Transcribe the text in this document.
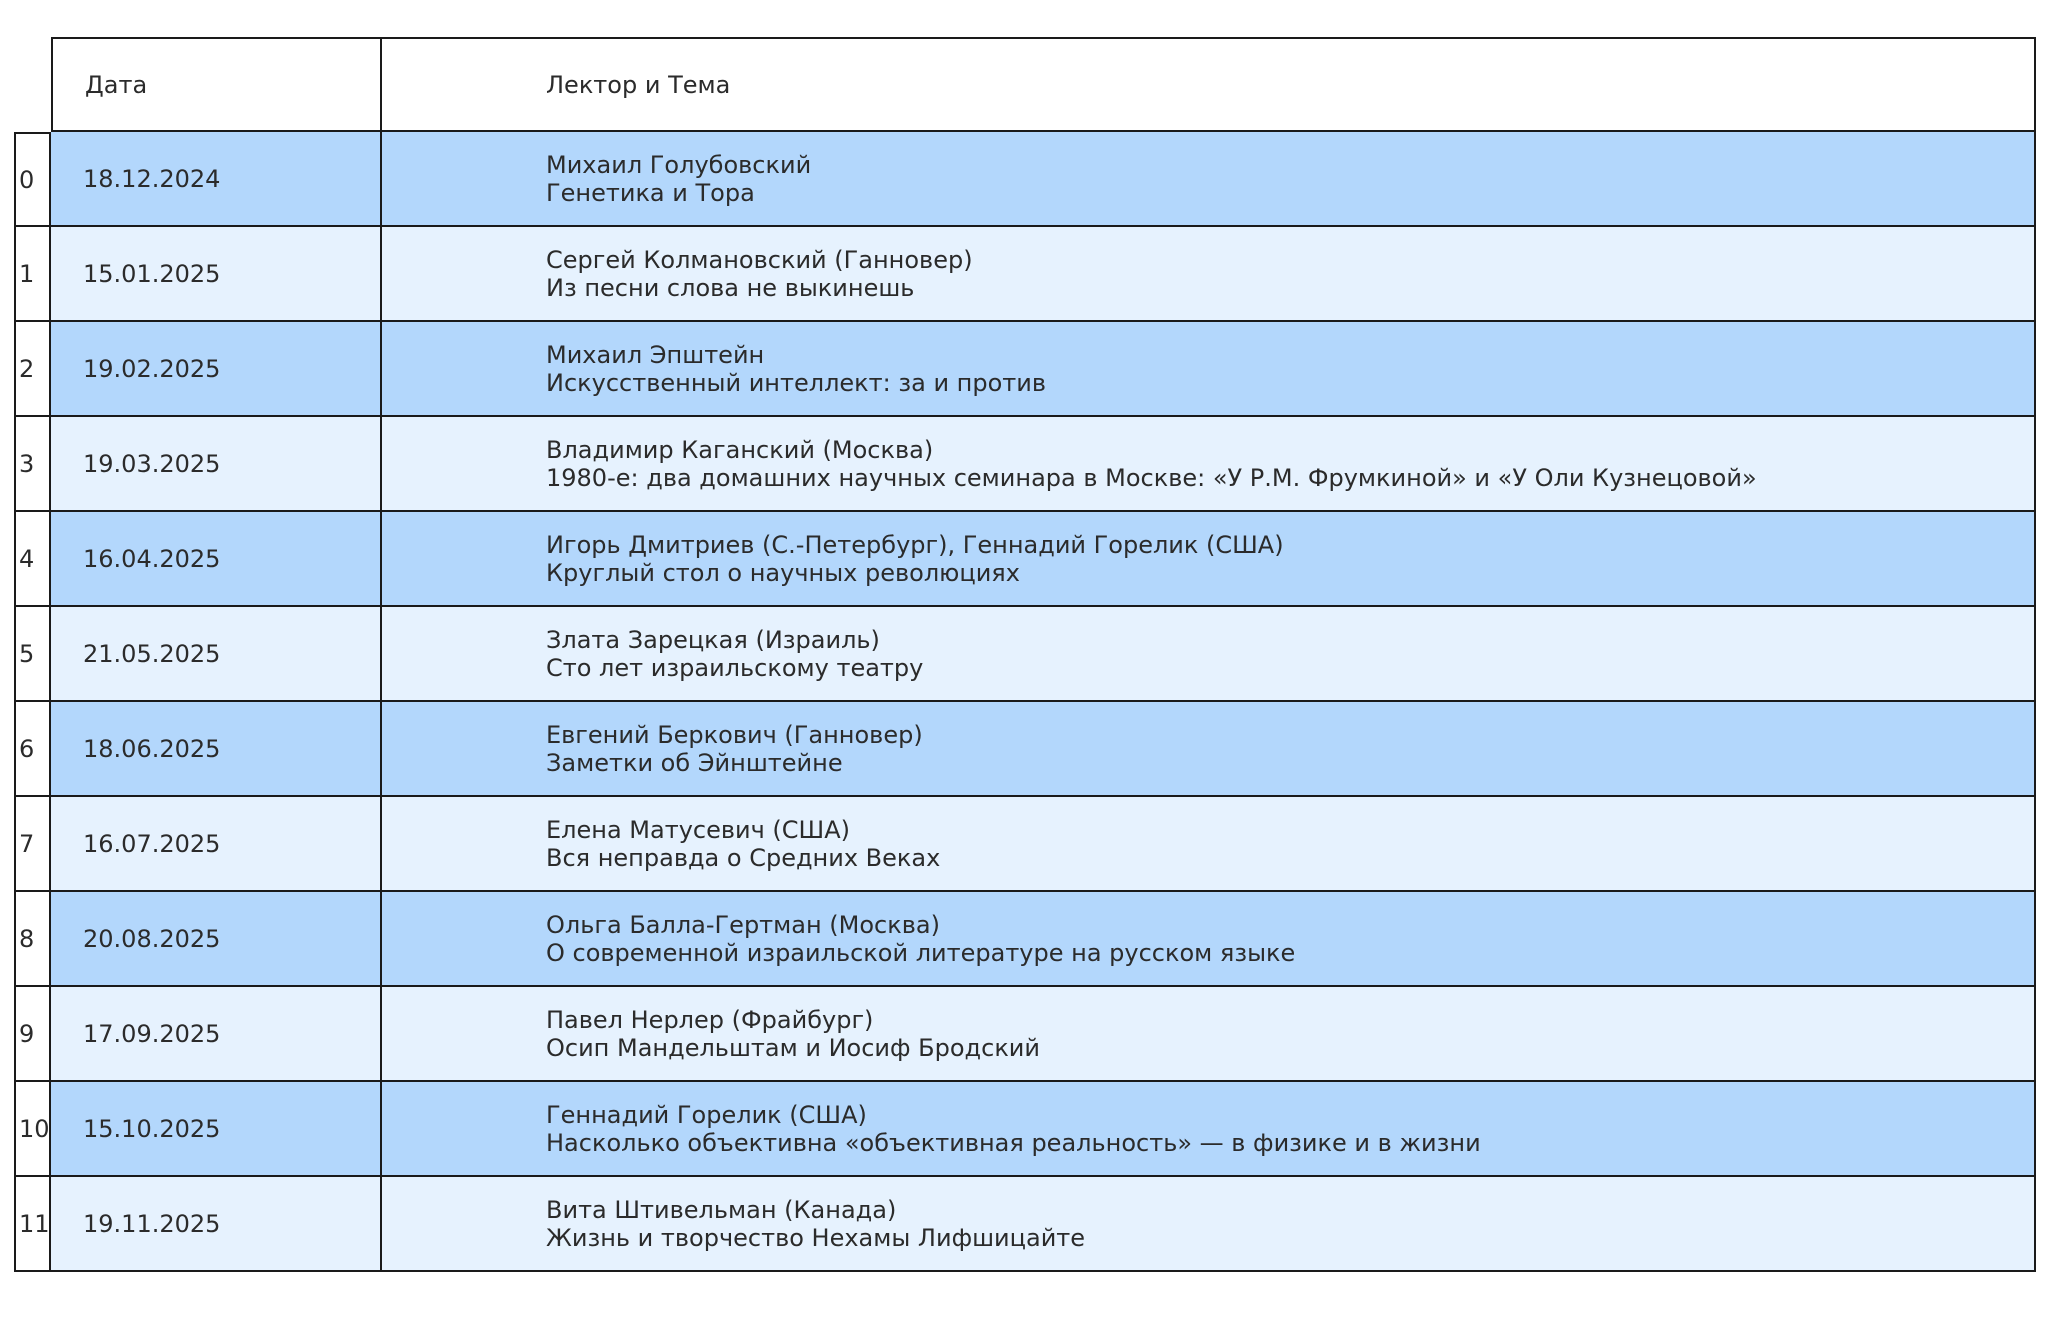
Дата	Лектор и Тема
0	18.12.2024	Михаил Голубовский
Генетика и Тора
1	15.01.2025	Сергей Колмановский (Ганновер)
Из песни слова не выкинешь
2	19.02.2025	Михаил Эпштейн
Искусственный интеллект: за и против
3	19.03.2025	Владимир Каганский (Москва)
1980-е: два домашних научных семинара в Москве: «У Р.М. Фрумкиной» и «У Оли Кузнецовой»
4	16.04.2025	Игорь Дмитриев (С.-Петербург), Геннадий Горелик (США)
Круглый стол о научных революциях
5	21.05.2025	Злата Зарецкая (Израиль)
Сто лет израильскому театру
6	18.06.2025	Евгений Беркович (Ганновер)
Заметки об Эйнштейне
7	16.07.2025	Елена Матусевич (США)
Вся неправда о Средних Веках
8	20.08.2025	Ольга Балла-Гертман (Москва)
О современной израильской литературе на русском языке
9	17.09.2025	Павел Нерлер (Фрайбург)
Осип Мандельштам и Иосиф Бродский
10 15.10.2025	Геннадий Горелик (США)
Насколько объективна «объективная реальность» — в физике и в жизни
11 19.11.2025	Вита Штивельман (Канада)
Жизнь и творчество Нехамы Лифшицайте
